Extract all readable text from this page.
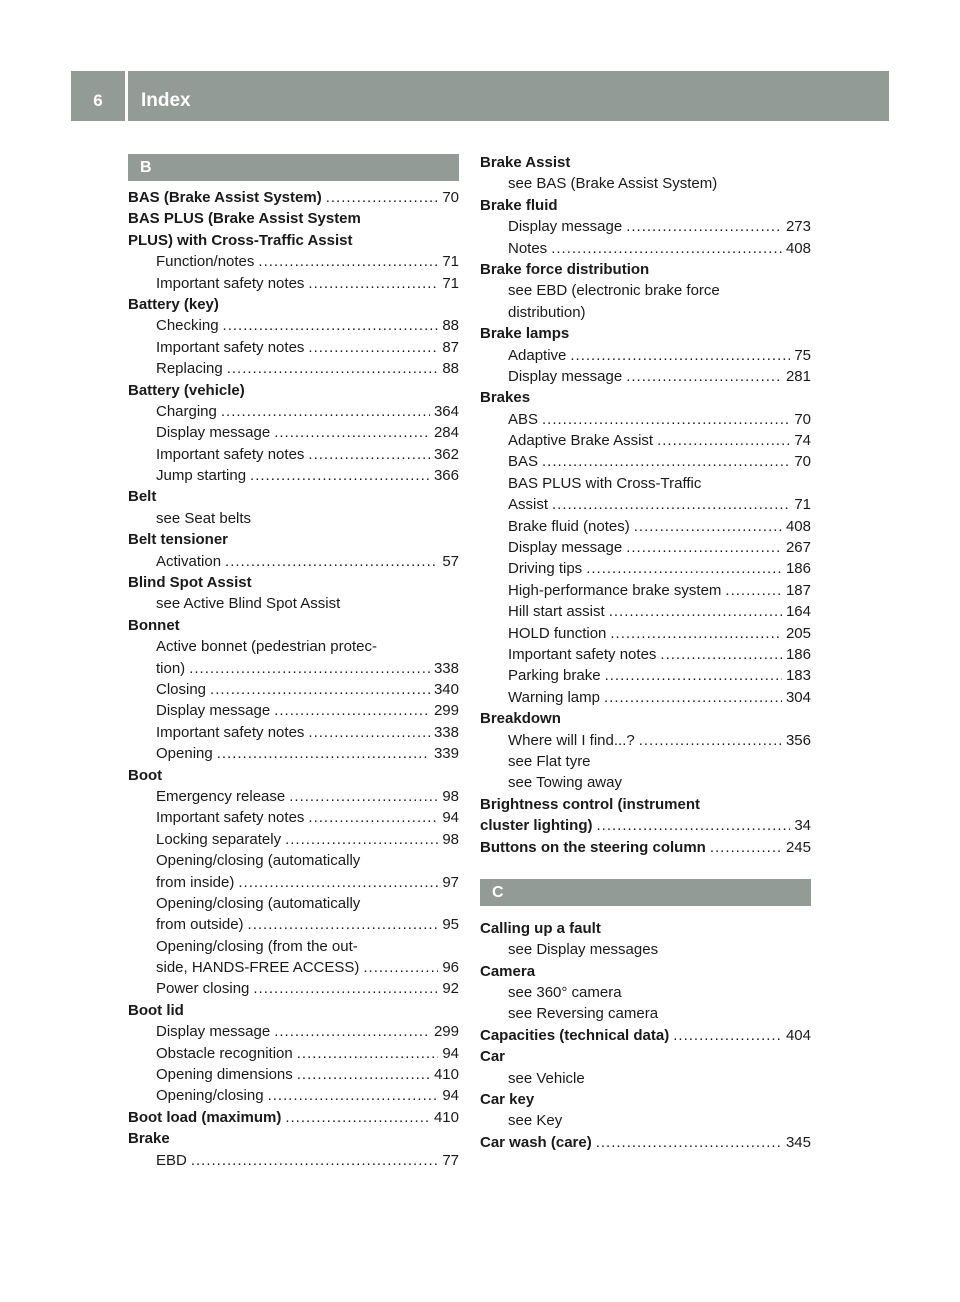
6	Index
B
BAS (Brake Assist System) .....	70
BAS PLUS (Brake Assist System
PLUS) with Cross-Traffic Assist
Function/notes .....	71
Important safety notes .....	71
Battery (key)
Checking .....	88
Important safety notes .....	87
Replacing .....	88
Battery (vehicle)
Charging .....	364
Display message .....	284
Important safety notes .....	362
Jump starting .....	366
Belt
see Seat belts
Belt tensioner
Activation .....	57
Blind Spot Assist
see Active Blind Spot Assist
Bonnet
Active bonnet (pedestrian protec-
tion) .....	338
Closing .....	340
Display message .....	299
Important safety notes .....	338
Opening .....	339
Boot
Emergency release .....	98
Important safety notes .....	94
Locking separately .....	98
Opening/closing (automatically
from inside) .....	97
Opening/closing (automatically
from outside) .....	95
Opening/closing (from the out-
side, HANDS-FREE ACCESS) .....	96
Power closing .....	92
Boot lid
Display message .....	299
Obstacle recognition .....	94
Opening dimensions .....	410
Opening/closing .....	94
Boot load (maximum) .....	410
Brake
EBD .....	77
Brake Assist
see BAS (Brake Assist System)
Brake fluid
Display message .....	273
Notes .....	408
Brake force distribution
see EBD (electronic brake force
distribution)
Brake lamps
Adaptive .....	75
Display message .....	281
Brakes
ABS .....	70
Adaptive Brake Assist .....	74
BAS .....	70
BAS PLUS with Cross-Traffic
Assist .....	71
Brake fluid (notes) .....	408
Display message .....	267
Driving tips .....	186
High-performance brake system .....	187
Hill start assist .....	164
HOLD function .....	205
Important safety notes .....	186
Parking brake .....	183
Warning lamp .....	304
Breakdown
Where will I find...? .....	356
see Flat tyre
see Towing away
Brightness control (instrument
cluster lighting) .....	34
Buttons on the steering column .....	245
C
Calling up a fault
see Display messages
Camera
see 360° camera
see Reversing camera
Capacities (technical data) .....	404
Car
see Vehicle
Car key
see Key
Car wash (care) .....	345
